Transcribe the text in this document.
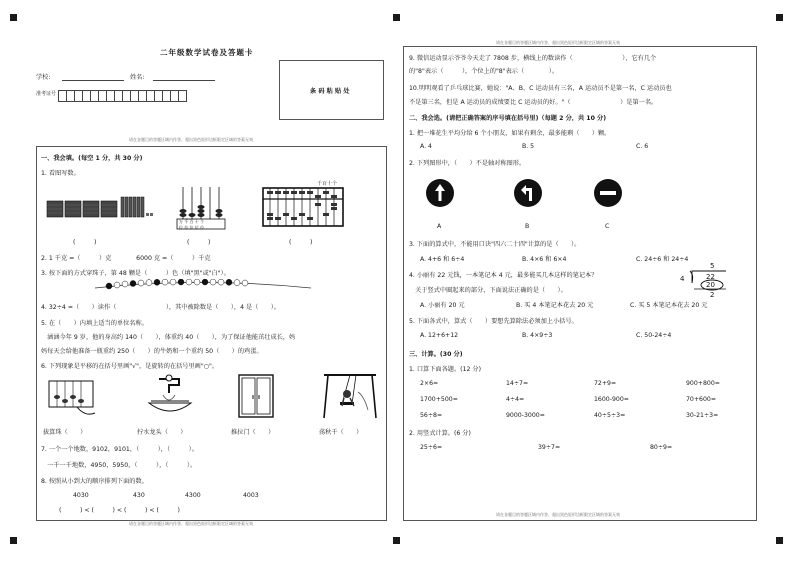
二年级数学试卷及答题卡
学校:	姓名:
准考证号	条 码 粘 贴 处
请在各题目的答题区域内作答，超出黑色矩形边框限定区域的答案无效
一、我会填。(每空 1 分，共 30 分)
1. 看图写数。
万 千 百 十 个
位 位 位 位 位
千百十个
(　　　)	(　　　)	(　　　)
2. 1 千克 =（　　　）克　　　　6000 克 =（　　　）千克
3. 按下面的方式穿珠子，第 48 颗是（　　　）色（填"黑"或"白"）。
4. 32÷4 =（　　）读作（　　　　　　　　），其中被除数是（　　），4 是（　　）。
5. 在（　　）内填上适当的单位名称。
　涵涵今年 9 岁，他的身高约 140（　　），体重约 40（　　），为了保证他能茁壮成长，妈
妈每天会给他准备一瓶重约 250（　　）的牛奶和一个重约 50（　　）的鸡蛋。
6. 下列现象是平移的在括号里画"√"，是旋转的在括号里画"○"。
拔算珠（　　）	拧水龙头（　　）	推拉门（　　）	荡秋千（　　）
7. 一个一个地数，9102，9101，（　　　），（　　　）。
　一千一千地数，4950，5950，（　　　），（　　　）。
8. 按照从小到大的顺序排列下面的数。
4030	430	4300	4003
(　　　) < (　　　) < (　　　) < (　　　)
请在各题目的答题区域内作答，超出黑色矩形边框限定区域的答案无效
请在各题目的答题区域内作答，超出黑色矩形边框限定区域的答案无效
9. 微信运动显示爷爷今天走了 7808 步，横线上的数读作（　　　　　　　　），它有几个
的"8"表示（　　　），个位上的"8"表示（　　　　）。
10.明明观看了乒乓球比赛，她说："A、B、C 运动员有三名，A 运动员不是第一名，C 运动员也
不是第三名，但是 A 运动员的成绩要比 C 运动员的好。"（　　　　　　　　）是第一名。
二、我会选。(请把正确答案的序号填在括号里)（每题 2 分，共 10 分)
1. 把一堆花生平均分给 6 个小朋友，如果有剩余，最多能剩（　　）颗。
A. 4	B. 5	C. 6
2. 下列图形中，（　　）不是轴对称图形。
A	B	C
3. 下面的算式中，不能用口诀"四六二十四"计算的是（　　）。
A. 4+6 和 6÷4	B. 4×6 和 6×4	C. 24÷6 和 24÷4
4. 小丽有 22 元钱，一本笔记本 4 元，最多能买几本这样的笔记本？
　关于竖式中圈起来的部分，下面说法正确的是（　　）。
4
5
22
20
2
A. 小丽有 20 元	B. 买 4 本笔记本花去 20 元	C. 买 5 本笔记本花去 20 元
5. 下面各式中，算式（　　）要想先算除法必须加上小括号。
A. 12+6+12	B. 4×9÷3	C. 50-24÷4
三、计算。(30 分)
1. 口算下面各题。(12 分)
2×6=	14÷7=	72+9=	900+800=
1700+500=	4÷4=	1600-900=	70+600=
56÷8=	9000-3000=	40÷5÷3=	30-21÷3=
2. 用竖式计算。(6 分)
25÷6=	39÷7=	80÷9=
请在各题目的答题区域内作答，超出黑色矩形边框限定区域的答案无效
